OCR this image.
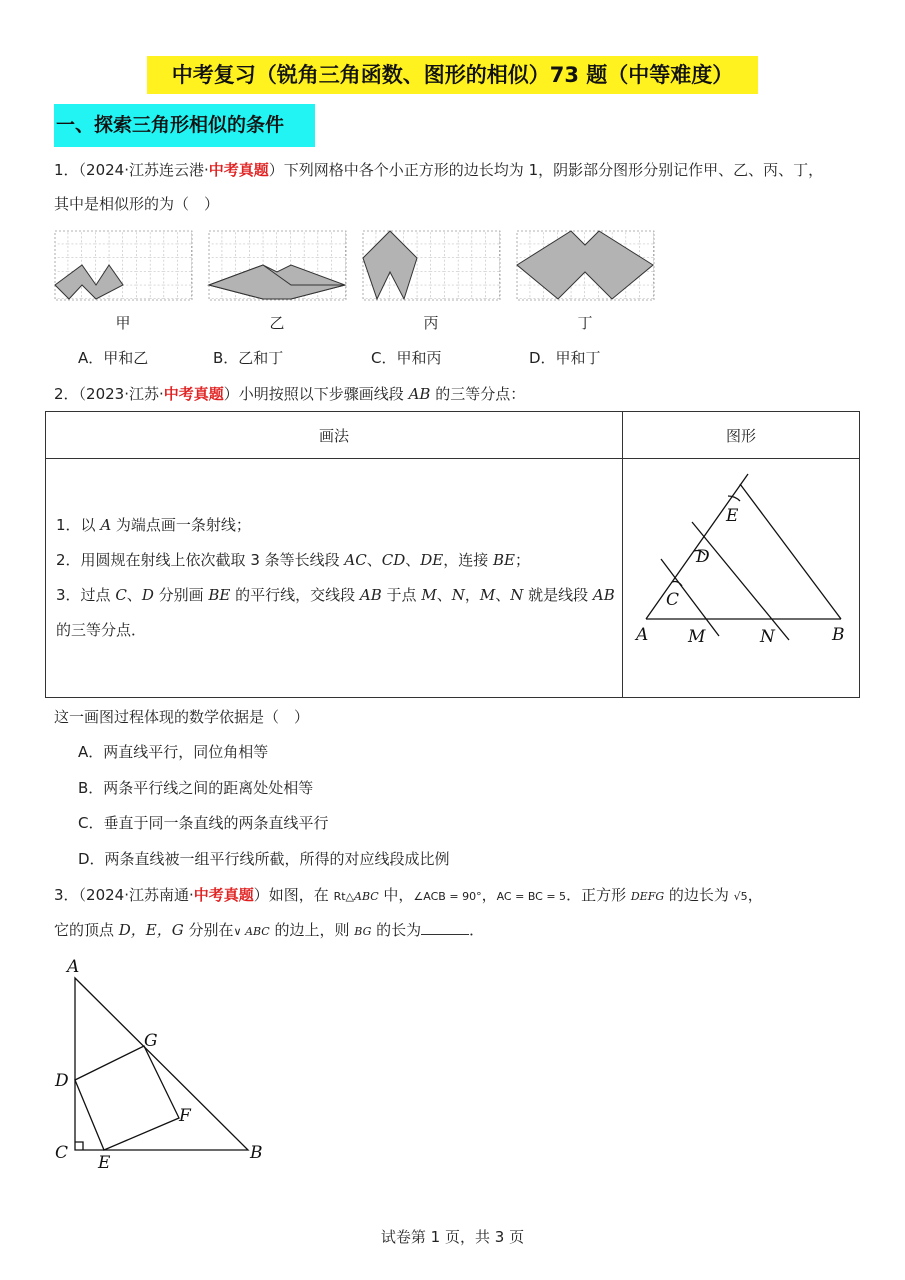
中考复习（锐角三角函数、图形的相似）73 题（中等难度）
一、探索三角形相似的条件
1．（2024·江苏连云港·中考真题）下列网格中各个小正方形的边长均为 1，阴影部分图形分别记作甲、乙、丙、丁，
其中是相似形的为（　）
甲	乙	丙	丁
A．甲和乙	B．乙和丁	C．甲和丙	D．甲和丁
2．（2023·江苏·中考真题）小明按照以下步骤画线段 AB 的三等分点：
画法	图形

1．以 A 为端点画一条射线；
2．用圆规在射线上依次截取 3 条等长线段 AC、CD、DE，连接 BE；
3．过点 C、D 分别画 BE 的平行线，交线段 AB 于点 M、N，M、N 就是线段 AB
的三等分点．	
		A M	N	B
C
D
E
这一画图过程体现的数学依据是（　）
A．两直线平行，同位角相等
B．两条平行线之间的距离处处相等
C．垂直于同一条直线的两条直线平行
D．两条直线被一组平行线所截，所得的对应线段成比例
3．（2024·江苏南通·中考真题）如图，在 Rt△ABC 中，∠ACB = 90°，AC = BC = 5．正方形 DEFG 的边长为 √5，
它的顶点 D，E，G 分别在∨ ABC 的边上，则 BG 的长为	．
A
G
D
F
C E	B
试卷第 1 页，共 3 页
